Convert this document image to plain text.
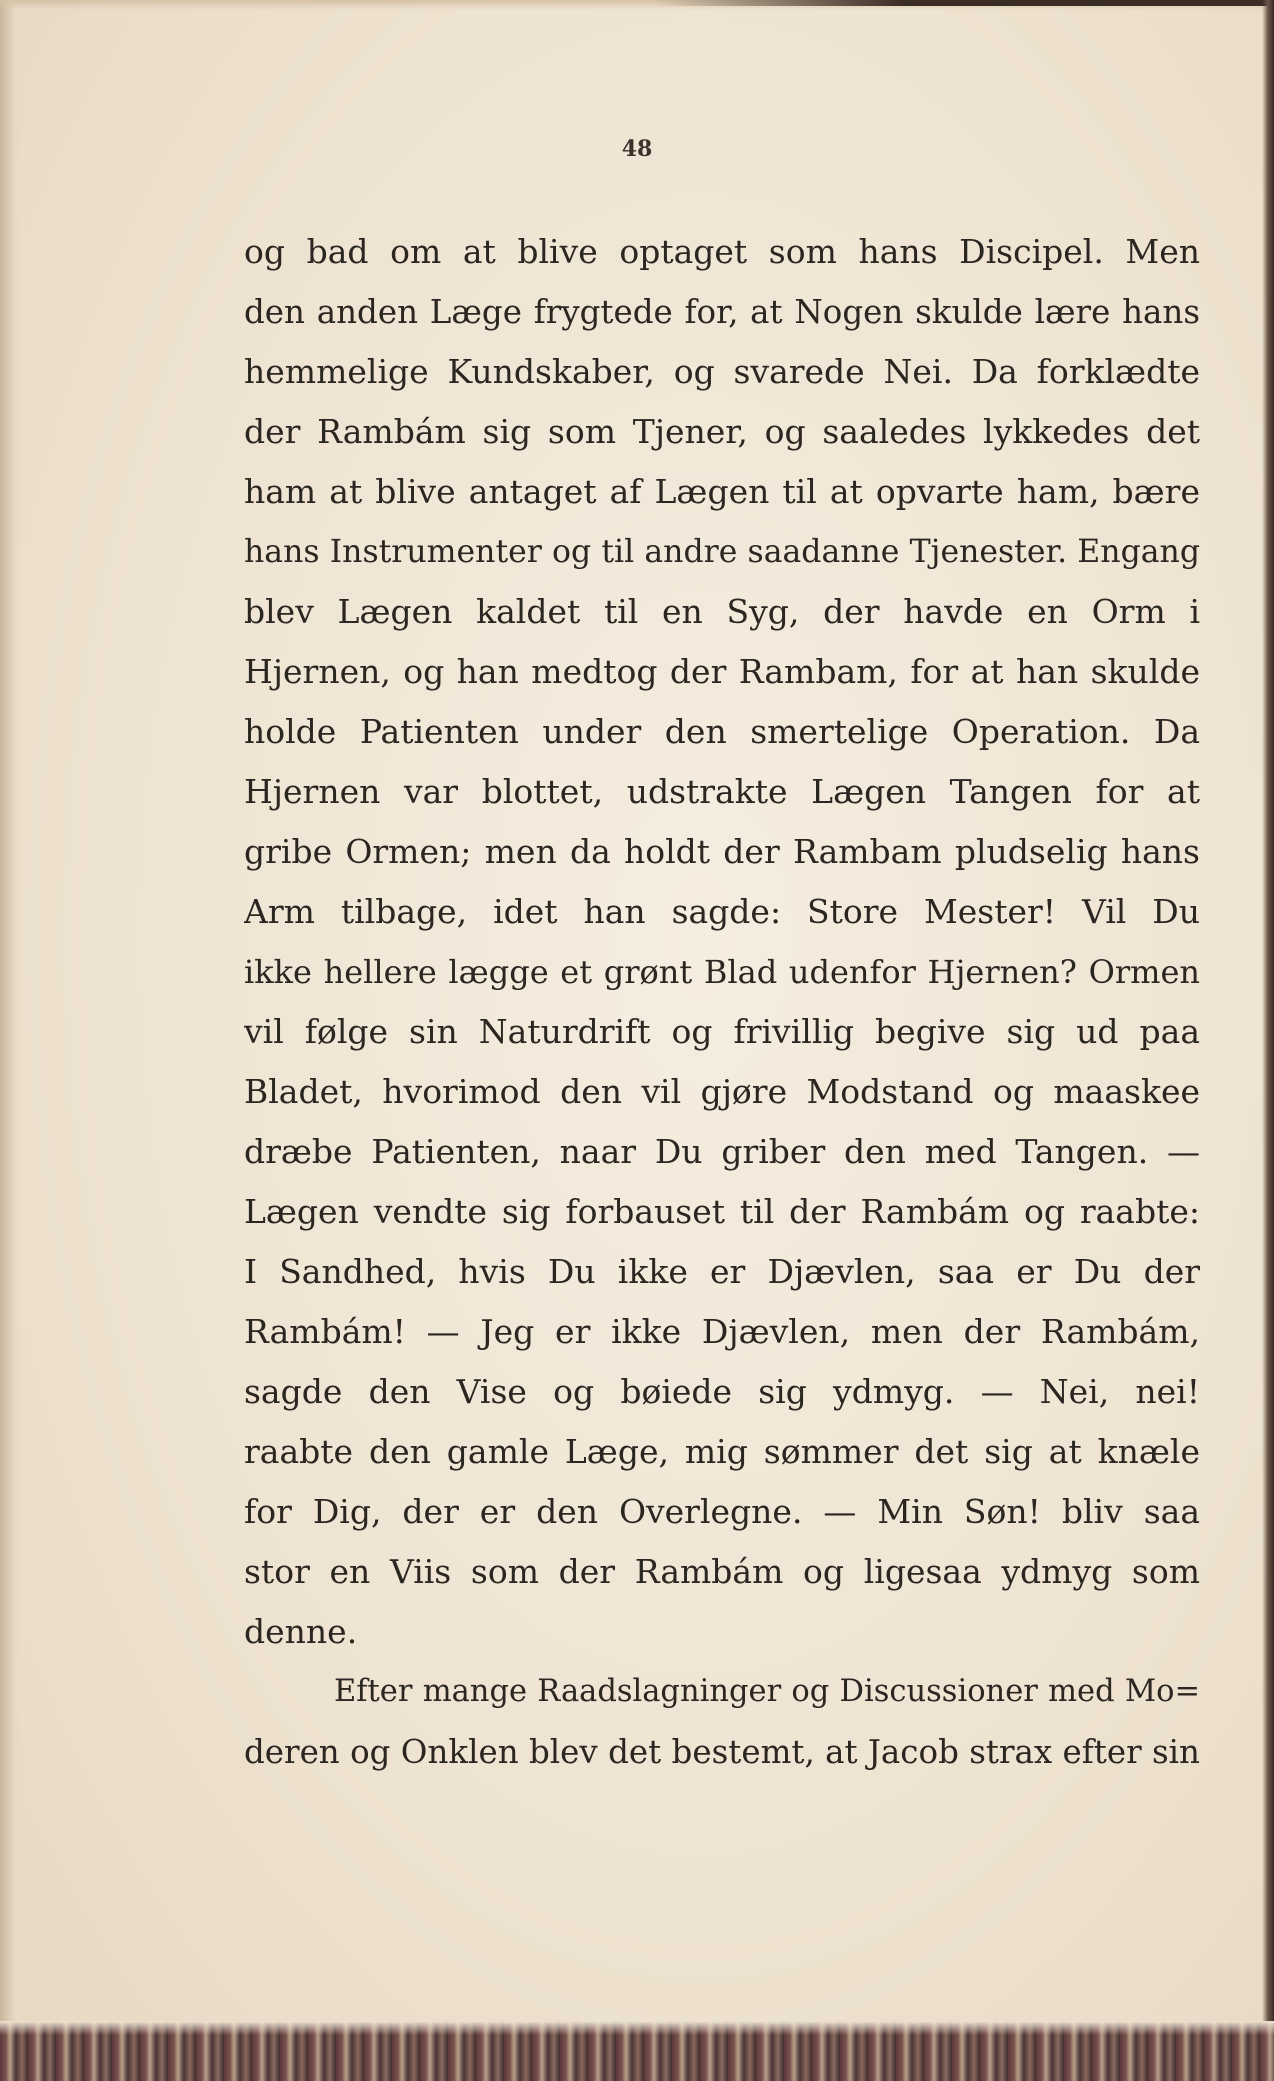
48
og bad om at blive optaget som hans Discipel. Men
den anden Læge frygtede for, at Nogen skulde lære hans
hemmelige Kundskaber, og svarede Nei. Da forklædte
der Rambám sig som Tjener, og saaledes lykkedes det
ham at blive antaget af Lægen til at opvarte ham, bære
hans Instrumenter og til andre saadanne Tjenester. Engang
blev Lægen kaldet til en Syg, der havde en Orm i
Hjernen, og han medtog der Rambam, for at han skulde
holde Patienten under den smertelige Operation. Da
Hjernen var blottet, udstrakte Lægen Tangen for at
gribe Ormen; men da holdt der Rambam pludselig hans
Arm tilbage, idet han sagde: Store Mester! Vil Du
ikke hellere lægge et grønt Blad udenfor Hjernen? Ormen
vil følge sin Naturdrift og frivillig begive sig ud paa
Bladet, hvorimod den vil gjøre Modstand og maaskee
dræbe Patienten, naar Du griber den med Tangen. —
Lægen vendte sig forbauset til der Rambám og raabte:
I Sandhed, hvis Du ikke er Djævlen, saa er Du der
Rambám! — Jeg er ikke Djævlen, men der Rambám,
sagde den Vise og bøiede sig ydmyg. — Nei, nei!
raabte den gamle Læge, mig sømmer det sig at knæle
for Dig, der er den Overlegne. — Min Søn! bliv saa
stor en Viis som der Rambám og ligesaa ydmyg som
denne.
Efter mange Raadslagninger og Discussioner med Mo=
deren og Onklen blev det bestemt, at Jacob strax efter sin
